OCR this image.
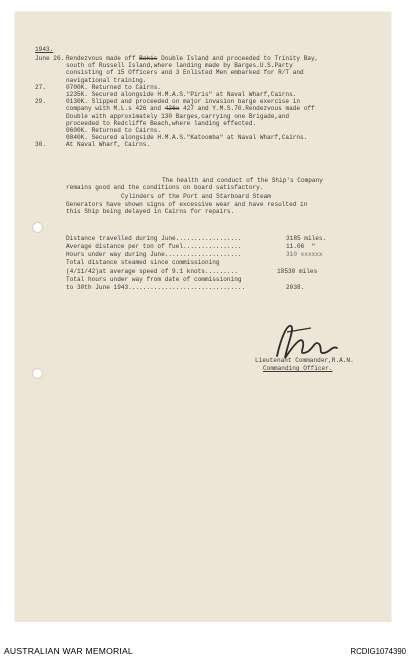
1943.
June 26. Rendezvous made off Bakis Double Island and proceeded to Trinity Bay,
south of Russell Island,where landing made by Barges.U.S.Party
consisting of 15 Officers and 3 Enlisted Men embarked for R/T and
navigational training.
27.	0700K. Returned to Cairns.
1235K. Secured alongside H.M.A.S."Piris" at Naval Wharf,Cairns.
29.	0130K. Slipped and proceeded on major invasion barge exercise in
company with M.L.s 426 and 426x 427 and Y.M.S.70.Rendezvous made off
Double with approximately 130 Barges,carrying one Brigade,and
proceeded to Redcliffe Beach,where landing effected.
0600K. Returned to Cairns.
0840K. Secured alongside H.M.A.S."Katoomba" at Naval Wharf,Cairns.
30.	At Naval Wharf, Cairns.
The health and conduct of the Ship's Company
remains good and the conditions on board satisfactory.
Cylinders of the Port and Starboard Steam
Generators have shown signs of excessive wear and have resulted in
this Ship being delayed in Cairns for repairs.
Distance travelled during June..................	3185 miles.
Average distance per ton of fuel................	11.06  "
Hours under way during June.....................	310 xxxxxx
Total distance steamed since commissioning
(4/11/42)at average speed of 9.1 knots.........	18530 miles
Total hours under way from date of commissioning
to 30th June 1943................................	2038.
Lieutenant Commander,R.A.N.
Commanding Officer.
AUSTRALIAN WAR MEMORIAL	RCDIG1074390
